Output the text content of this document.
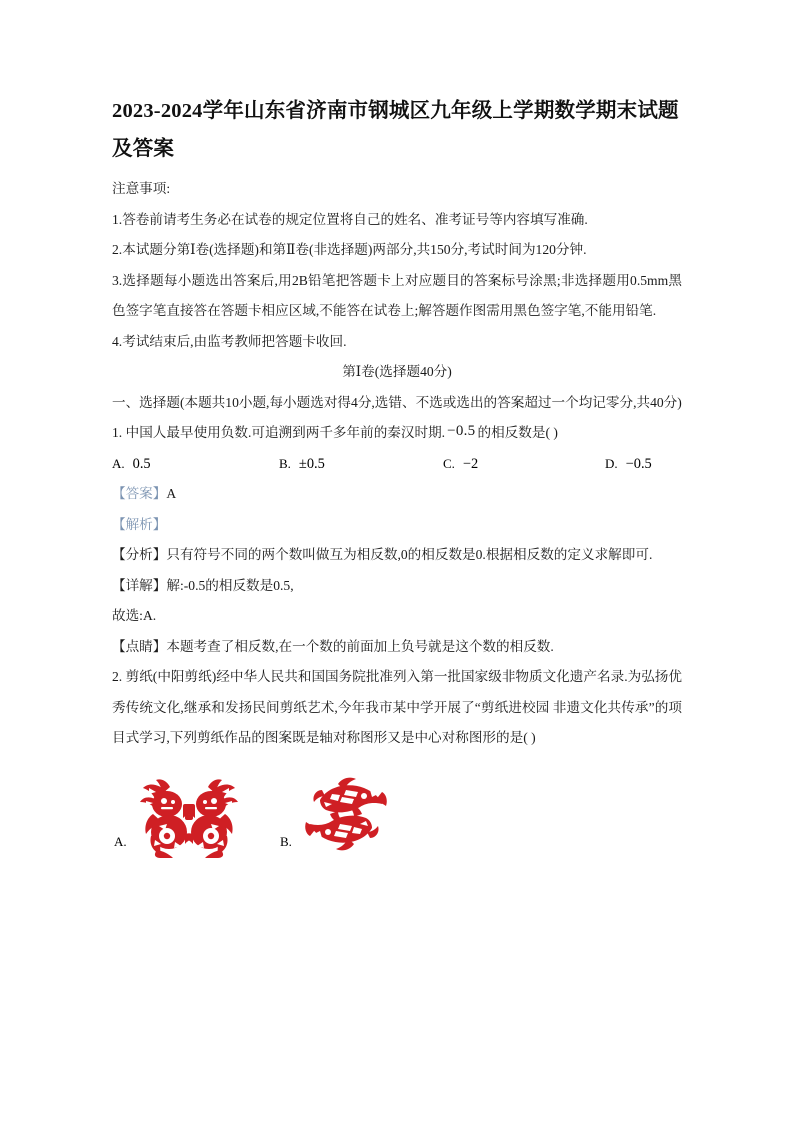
2023-2024学年山东省济南市钢城区九年级上学期数学期末试题及答案

注意事项:

1.答卷前请考生务必在试卷的规定位置将自己的姓名、准考证号等内容填写准确.

2.本试题分第Ⅰ卷(选择题)和第Ⅱ卷(非选择题)两部分,共150分,考试时间为120分钟.

3.选择题每小题选出答案后,用2B铅笔把答题卡上对应题目的答案标号涂黑;非选择题用0.5mm黑色签字笔直接答在答题卡相应区域,不能答在试卷上;解答题作图需用黑色签字笔,不能用铅笔.

4.考试结束后,由监考教师把答题卡收回.

第Ⅰ卷(选择题40分)

一、选择题(本题共10小题,每小题选对得4分,选错、不选或选出的答案超过一个均记零分,共40分)

1. 中国人最早使用负数.可追溯到两千多年前的秦汉时期. −0.5 的相反数是( )

A. 0.5	B. ±0.5	C. −2	D. −0.5

【答案】A

【解析】

【分析】只有符号不同的两个数叫做互为相反数,0的相反数是0.根据相反数的定义求解即可.

【详解】解:‑0.5的相反数是0.5,

故选:A.

【点睛】本题考查了相反数,在一个数的前面加上负号就是这个数的相反数.

2. 剪纸(中阳剪纸)经中华人民共和国国务院批准列入第一批国家级非物质文化遗产名录.为弘扬优秀传统文化,继承和发扬民间剪纸艺术,今年我市某中学开展了“剪纸进校园 非遗文化共传承”的项目式学习,下列剪纸作品的图案既是轴对称图形又是中心对称图形的是( )

A.	B.
